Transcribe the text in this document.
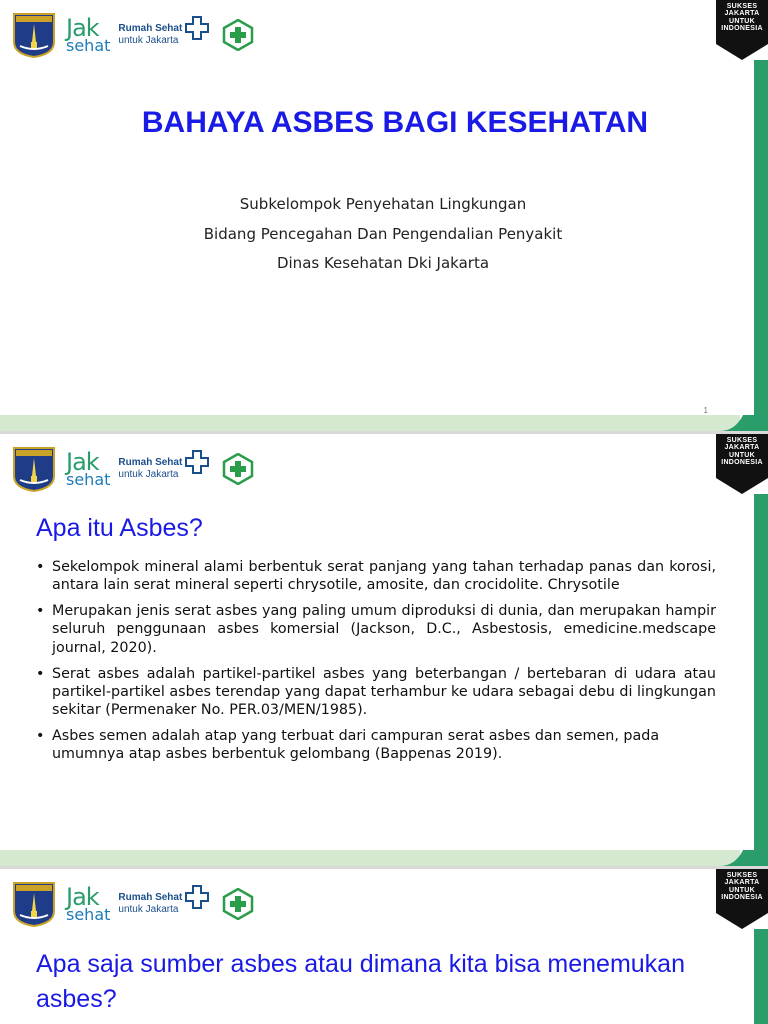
Jak
sehat
Rumah Sehat
untuk Jakarta
SUKSES
JAKARTA
UNTUK
INDONESIA
BAHAYA ASBES BAGI KESEHATAN
Subkelompok Penyehatan Lingkungan
Bidang Pencegahan Dan Pengendalian Penyakit
Dinas Kesehatan Dki Jakarta
1
Jak
sehat
Rumah Sehat
untuk Jakarta
SUKSES
JAKARTA
UNTUK
INDONESIA
Apa itu Asbes?
• Sekelompok mineral alami berbentuk serat panjang yang tahan terhadap panas dan korosi, antara lain serat mineral seperti chrysotile, amosite, dan crocidolite. Chrysotile
• Merupakan jenis serat asbes yang paling umum diproduksi di dunia, dan merupakan hampir seluruh penggunaan asbes komersial (Jackson, D.C., Asbestosis, emedicine.medscape journal, 2020).
• Serat asbes adalah partikel-partikel asbes yang beterbangan / bertebaran di udara atau partikel-partikel asbes terendap yang dapat terhambur ke udara sebagai debu di lingkungan sekitar (Permenaker No. PER.03/MEN/1985).
• Asbes semen adalah atap yang terbuat dari campuran serat asbes dan semen, pada umumnya atap asbes berbentuk gelombang (Bappenas 2019).
Jak
sehat
Rumah Sehat
untuk Jakarta
SUKSES
JAKARTA
UNTUK
INDONESIA
Apa saja sumber asbes atau dimana kita bisa menemukan asbes?
